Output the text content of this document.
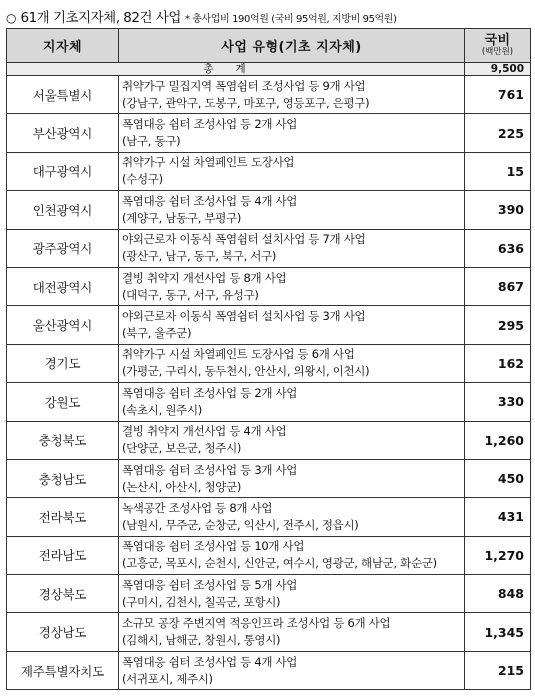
○ 61개 기초지자체, 82건 사업 * 총사업비 190억원 (국비 95억원, 지방비 95억원)
지자체	사업 유형(기초 지자체)	국비
(백만원)

총계		9,500
서울특별시	취약가구 밀집지역 폭염쉼터 조성사업 등 9개 사업
(강남구, 관악구, 도봉구, 마포구, 영등포구, 은평구)	761
부산광역시	폭염대응 쉼터 조성사업 등 2개 사업
(남구, 동구)	225
대구광역시	취약가구 시설 차열페인트 도장사업
(수성구)	15
인천광역시	폭염대응 쉼터 조성사업 등 4개 사업
(계양구, 남동구, 부평구)	390
광주광역시	야외근로자 이동식 폭염쉼터 설치사업 등 7개 사업
(광산구, 남구, 동구, 북구, 서구)	636
대전광역시	결빙 취약지 개선사업 등 8개 사업
(대덕구, 동구, 서구, 유성구)	867
울산광역시	야외근로자 이동식 폭염쉼터 설치사업 등 3개 사업
(북구, 울주군)	295
경기도	취약가구 시설 차열페인트 도장사업 등 6개 사업
(가평군, 구리시, 동두천시, 안산시, 의왕시, 이천시)	162
강원도	폭염대응 쉼터 조성사업 등 2개 사업
(속초시, 원주시)	330
충청북도	결빙 취약지 개선사업 등 4개 사업
(단양군, 보은군, 청주시)	1,260
충청남도	폭염대응 쉼터 조성사업 등 3개 사업
(논산시, 아산시, 청양군)	450
전라북도	녹색공간 조성사업 등 8개 사업
(남원시, 무주군, 순창군, 익산시, 전주시, 정읍시)	431
전라남도	폭염대응 쉼터 조성사업 등 10개 사업
(고흥군, 목포시, 순천시, 신안군, 여수시, 영광군, 해남군, 화순군)	1,270
경상북도	폭염대응 쉼터 조성사업 등 5개 사업
(구미시, 김천시, 칠곡군, 포항시)	848
경상남도	소규모 공장 주변지역 적응인프라 조성사업 등 6개 사업
(김해시, 남해군, 창원시, 통영시)	1,345
제주특별자치도	폭염대응 쉼터 조성사업 등 4개 사업
(서귀포시, 제주시)	215
